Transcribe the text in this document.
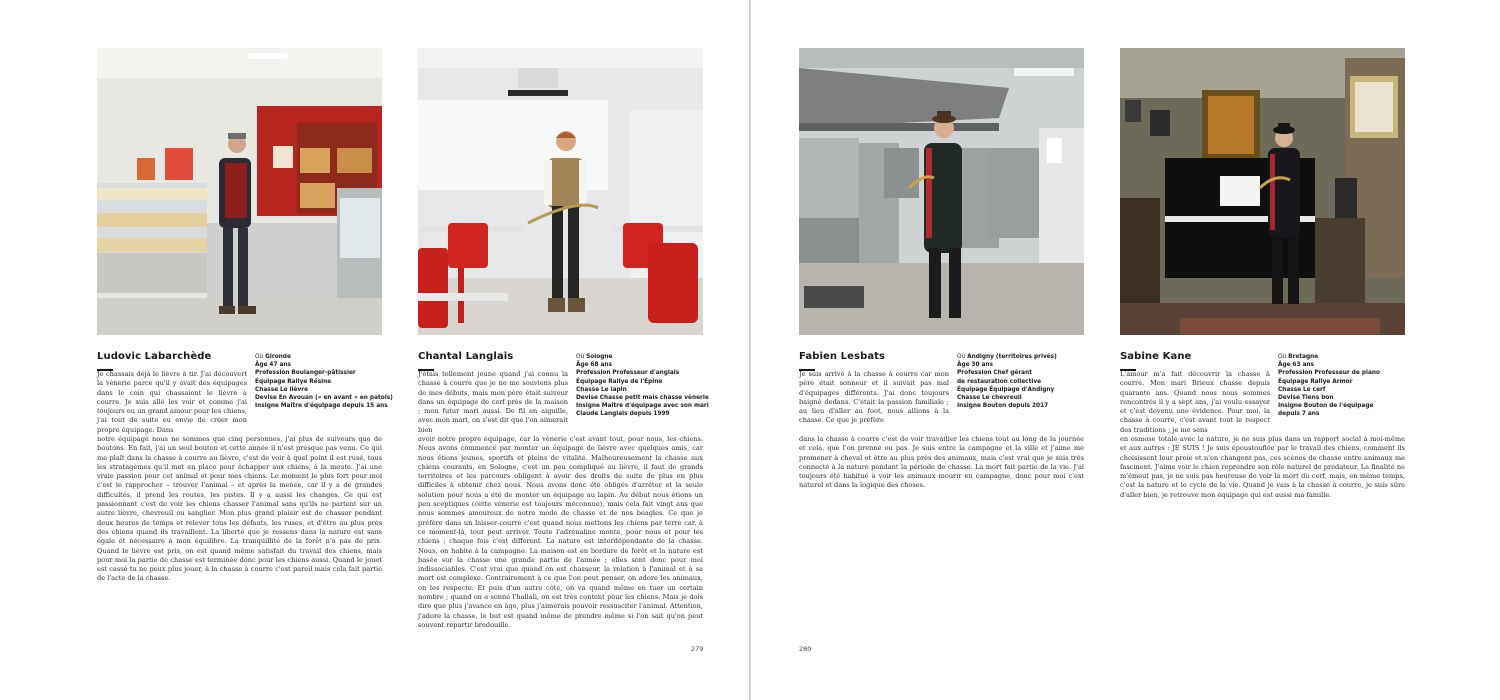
Ludovic Labarchède	Où Gironde
Âge 47 ans
Profession Boulanger-pâtissier
Équipage Rallye Résine
Chasse Le lièvre
Devise En Avouan (« en avant » en patois)
Insigne Maître d'équipage depuis 15 ans
Je chassais déjà le lièvre à tir. J'ai découvert la vènerie parce qu'il y avait des équipages dans le coin qui chassaient le lièvre à courre. Je suis allé les voir et comme j'ai toujours eu un grand amour pour les chiens, j'ai tout de suite eu envie de créer mon propre équipage. Dans
notre équipage nous ne sommes que cinq personnes, j'ai plus de suiveurs que de boutons. En fait, j'ai un seul bouton et cette année il n'est presque pas venu. Ce qui me plaît dans la chasse à courre au lièvre, c'est de voir à quel point il est rusé, tous les stratagèmes qu'il met en place pour échapper aux chiens, à la meute. J'ai une vraie passion pour cet animal et pour mes chiens. Le moment le plus fort pour moi c'est le rapprocher – trouver l'animal – et après la menée, car il y a de grandes difficultés, il prend les routes, les pistes. Il y a aussi les changes. Ce qui est passionnant c'est de voir les chiens chasser l'animal sans qu'ils ne partent sur un autre lièvre, chevreuil ou sanglier. Mon plus grand plaisir est de chasser pendant deux heures de temps et relever tous les défauts, les ruses, et d'être au plus près des chiens quand ils travaillent. La liberté que je ressens dans la nature est sans égale et nécessaire à mon équilibre. La tranquillité de la forêt n'a pas de prix. Quand le lièvre est pris, on est quand même satisfait du travail des chiens, mais pour moi la partie de chasse est terminée donc pour les chiens aussi. Quand le jouet est cassé tu ne peux plus jouer, à la chasse à courre c'est pareil mais cela fait partie de l'acte de la chasse.
Chantal Langlais	Où Sologne
Âge 68 ans
Profession Professeur d'anglais
Équipage Rallye de l'Épine
Chasse Le lapin
Devise Chasse petit mais chasse vènerie
Insigne Maître d'équipage avec son mari
Claude Langlais depuis 1999
J'étais tellement jeune quand j'ai connu la chasse à courre que je ne me souviens plus de mes débuts, mais mon père était suiveur dans un équipage de cerf près de la maison ; mon futur mari aussi. De fil en aiguille, avec mon mari, on s'est dit que l'on aimerait bien
avoir notre propre équipage, car la vènerie c'est avant tout, pour nous, les chiens. Nous avons commencé par monter un équipage de lièvre avec quelques amis, car nous étions jeunes, sportifs et pleins de vitalité. Malheureusement la chasse aux chiens courants, en Sologne, c'est un peu compliqué au lièvre, il faut de grands territoires et les parcours obligent à avoir des droits de suite de plus en plus difficiles à obtenir chez nous. Nous avons donc été obligés d'arrêter et la seule solution pour nous a été de monter un équipage au lapin. Au début nous étions un peu sceptiques (cette vènerie est toujours méconnue), mais cela fait vingt ans que nous sommes amoureux de notre mode de chasse et de nos beagles. Ce que je préfère dans un laisser-courre c'est quand nous mettons les chiens par terre car, à ce moment-là, tout peut arriver. Toute l'adrénaline monte, pour nous et pour les chiens ; chaque fois c'est différent. La nature est interdépendante de la chasse. Nous, on habite à la campagne. La maison est en bordure de forêt et la nature est basée sur la chasse une grande partie de l'année ; elles sont donc pour moi indissociables. C'est vrai que quand on est chasseur, la relation à l'animal et à sa mort est complexe. Contrairement à ce que l'on peut penser, on adore les animaux, on les respecte. Et puis d'un autre côté, on va quand même en tuer un certain nombre ; quand on a sonné l'hallali, on est très content pour les chiens. Mais je dois dire que plus j'avance en âge, plus j'aimerais pouvoir ressusciter l'animal. Attention, j'adore la chasse, le but est quand même de prendre même si l'on sait qu'on peut souvent repartir bredouille.
279
Fabien Lesbats	Où Andigny (territoires privés)
Âge 30 ans
Profession Chef gérant
de restauration collective
Équipage Équipage d'Andigny
Chasse Le chevreuil
Insigne Bouton depuis 2017
Je suis arrivé à la chasse à courre car mon père était sonneur et il suivait pas mal d'équipages différents. J'ai donc toujours baigné dedans. C'était la passion familiale ; au lieu d'aller au foot, nous allions à la chasse. Ce que je préfère
dans la chasse à courre c'est de voir travailler les chiens tout au long de la journée et cela, que l'on prenne ou pas. Je suis entre la campagne et la ville et j'aime me promener à cheval et être au plus près des animaux, mais c'est vrai que je suis très connecté à la nature pendant la période de chasse. La mort fait partie de la vie. J'ai toujours été habitué à voir les animaux mourir en campagne, donc pour moi c'est naturel et dans la logique des choses.
Sabine Kane	Où Bretagne
Âge 63 ans
Profession Professeur de piano
Équipage Rallye Armor
Chasse Le cerf
Devise Tiens bon
Insigne Bouton de l'équipage
depuis 7 ans
L'amour m'a fait découvrir la chasse à courre. Mon mari Brieux chasse depuis quarante ans. Quand nous nous sommes rencontrés il y a sept ans, j'ai voulu essayer et c'est devenu une évidence. Pour moi, la chasse à courre, c'est avant tout le respect des traditions ; je me sens
en osmose totale avec la nature, je ne suis plus dans un rapport social à moi-même et aux autres : JE SUIS ! Je suis époustouflée par le travail des chiens, comment ils choisissent leur proie et n'en changent pas, ces scènes de chasse entre animaux me fascinent. J'aime voir le chien reprendre son rôle naturel de prédateur. La finalité ne m'émeut pas, je ne suis pas heureuse de voir la mort du cerf, mais, en même temps, c'est la nature et le cycle de la vie. Quand je vais à la chasse à courre, je suis sûre d'aller bien, je retrouve mon équipage qui est aussi ma famille.
280
